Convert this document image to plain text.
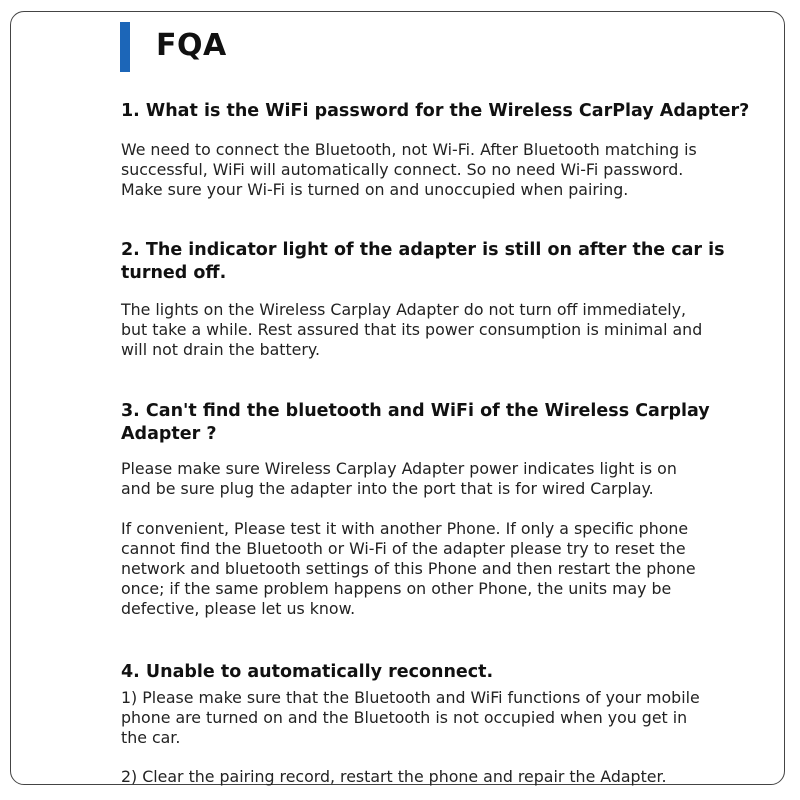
FQA
1. What is the WiFi password for the Wireless CarPlay Adapter?
We need to connect the Bluetooth, not Wi-Fi. After Bluetooth matching is
successful, WiFi will automatically connect. So no need Wi-Fi password.
Make sure your Wi-Fi is turned on and unoccupied when pairing.
2. The indicator light of the adapter is still on after the car is
turned off.
The lights on the Wireless Carplay Adapter do not turn off immediately,
but take a while. Rest assured that its power consumption is minimal and
will not drain the battery.
3. Can't find the bluetooth and WiFi of the Wireless Carplay
Adapter ?
Please make sure Wireless Carplay Adapter power indicates light is on
and be sure plug the adapter into the port that is for wired Carplay.
If convenient, Please test it with another Phone. If only a specific phone
cannot find the Bluetooth or Wi-Fi of the adapter please try to reset the
network and bluetooth settings of this Phone and then restart the phone
once; if the same problem happens on other Phone, the units may be
defective, please let us know.
4. Unable to automatically reconnect.
1) Please make sure that the Bluetooth and WiFi functions of your mobile
phone are turned on and the Bluetooth is not occupied when you get in
the car.
2) Clear the pairing record, restart the phone and repair the Adapter.
